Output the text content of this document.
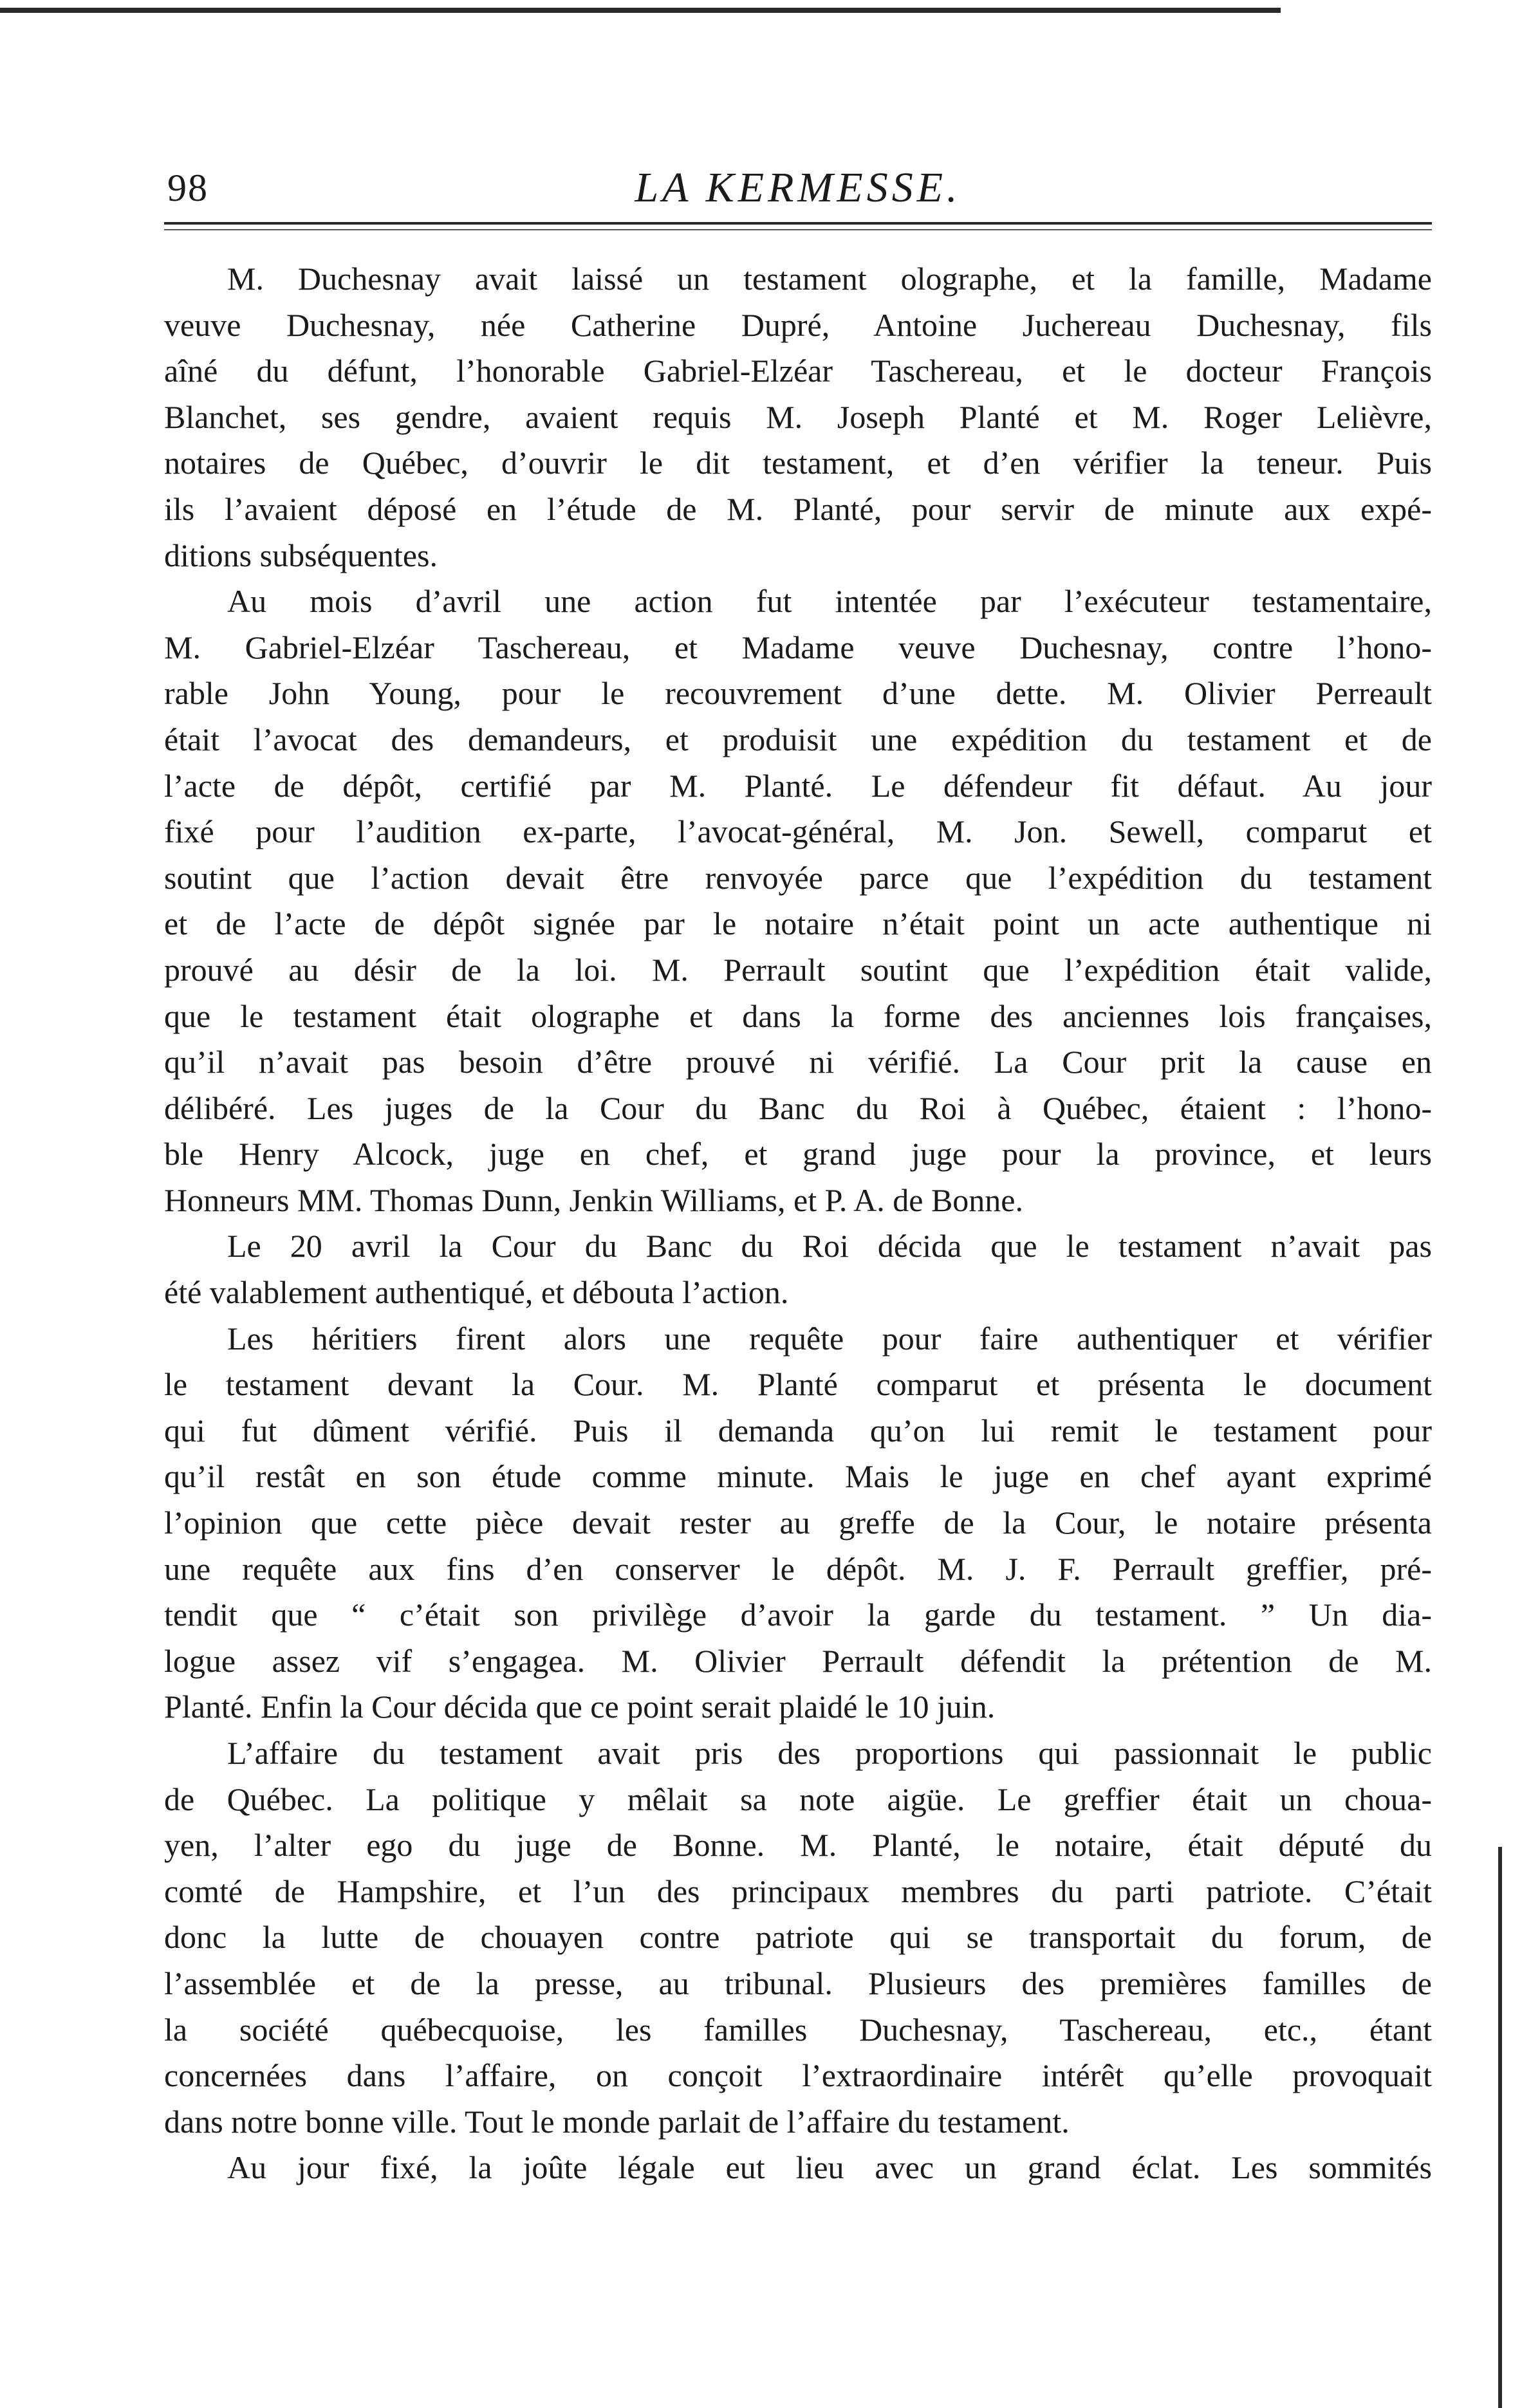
98	LA KERMESSE.
M. Duchesnay avait laissé un testament olographe, et la famille, Madame
veuve Duchesnay, née Catherine Dupré, Antoine Juchereau Duchesnay, fils
aîné du défunt, l’honorable Gabriel-Elzéar Taschereau, et le docteur François
Blanchet, ses gendre, avaient requis M. Joseph Planté et M. Roger Lelièvre,
notaires de Québec, d’ouvrir le dit testament, et d’en vérifier la teneur. Puis
ils l’avaient déposé en l’étude de M. Planté, pour servir de minute aux expé-
ditions subséquentes.
Au mois d’avril une action fut intentée par l’exécuteur testamentaire,
M. Gabriel-Elzéar Taschereau, et Madame veuve Duchesnay, contre l’hono-
rable John Young, pour le recouvrement d’une dette. M. Olivier Perreault
était l’avocat des demandeurs, et produisit une expédition du testament et de
l’acte de dépôt, certifié par M. Planté. Le défendeur fit défaut. Au jour
fixé pour l’audition ex-parte, l’avocat-général, M. Jon. Sewell, comparut et
soutint que l’action devait être renvoyée parce que l’expédition du testament
et de l’acte de dépôt signée par le notaire n’était point un acte authentique ni
prouvé au désir de la loi. M. Perrault soutint que l’expédition était valide,
que le testament était olographe et dans la forme des anciennes lois françaises,
qu’il n’avait pas besoin d’être prouvé ni vérifié. La Cour prit la cause en
délibéré. Les juges de la Cour du Banc du Roi à Québec, étaient : l’hono-
ble Henry Alcock, juge en chef, et grand juge pour la province, et leurs
Honneurs MM. Thomas Dunn, Jenkin Williams, et P. A. de Bonne.
Le 20 avril la Cour du Banc du Roi décida que le testament n’avait pas
été valablement authentiqué, et débouta l’action.
Les héritiers firent alors une requête pour faire authentiquer et vérifier
le testament devant la Cour. M. Planté comparut et présenta le document
qui fut dûment vérifié. Puis il demanda qu’on lui remit le testament pour
qu’il restât en son étude comme minute. Mais le juge en chef ayant exprimé
l’opinion que cette pièce devait rester au greffe de la Cour, le notaire présenta
une requête aux fins d’en conserver le dépôt. M. J. F. Perrault greffier, pré-
tendit que “ c’était son privilège d’avoir la garde du testament. ” Un dia-
logue assez vif s’engagea. M. Olivier Perrault défendit la prétention de M.
Planté. Enfin la Cour décida que ce point serait plaidé le 10 juin.
L’affaire du testament avait pris des proportions qui passionnait le public
de Québec. La politique y mêlait sa note aigüe. Le greffier était un choua-
yen, l’alter ego du juge de Bonne. M. Planté, le notaire, était député du
comté de Hampshire, et l’un des principaux membres du parti patriote. C’était
donc la lutte de chouayen contre patriote qui se transportait du forum, de
l’assemblée et de la presse, au tribunal. Plusieurs des premières familles de
la société québecquoise, les familles Duchesnay, Taschereau, etc., étant
concernées dans l’affaire, on conçoit l’extraordinaire intérêt qu’elle provoquait
dans notre bonne ville. Tout le monde parlait de l’affaire du testament.
Au jour fixé, la joûte légale eut lieu avec un grand éclat. Les sommités
